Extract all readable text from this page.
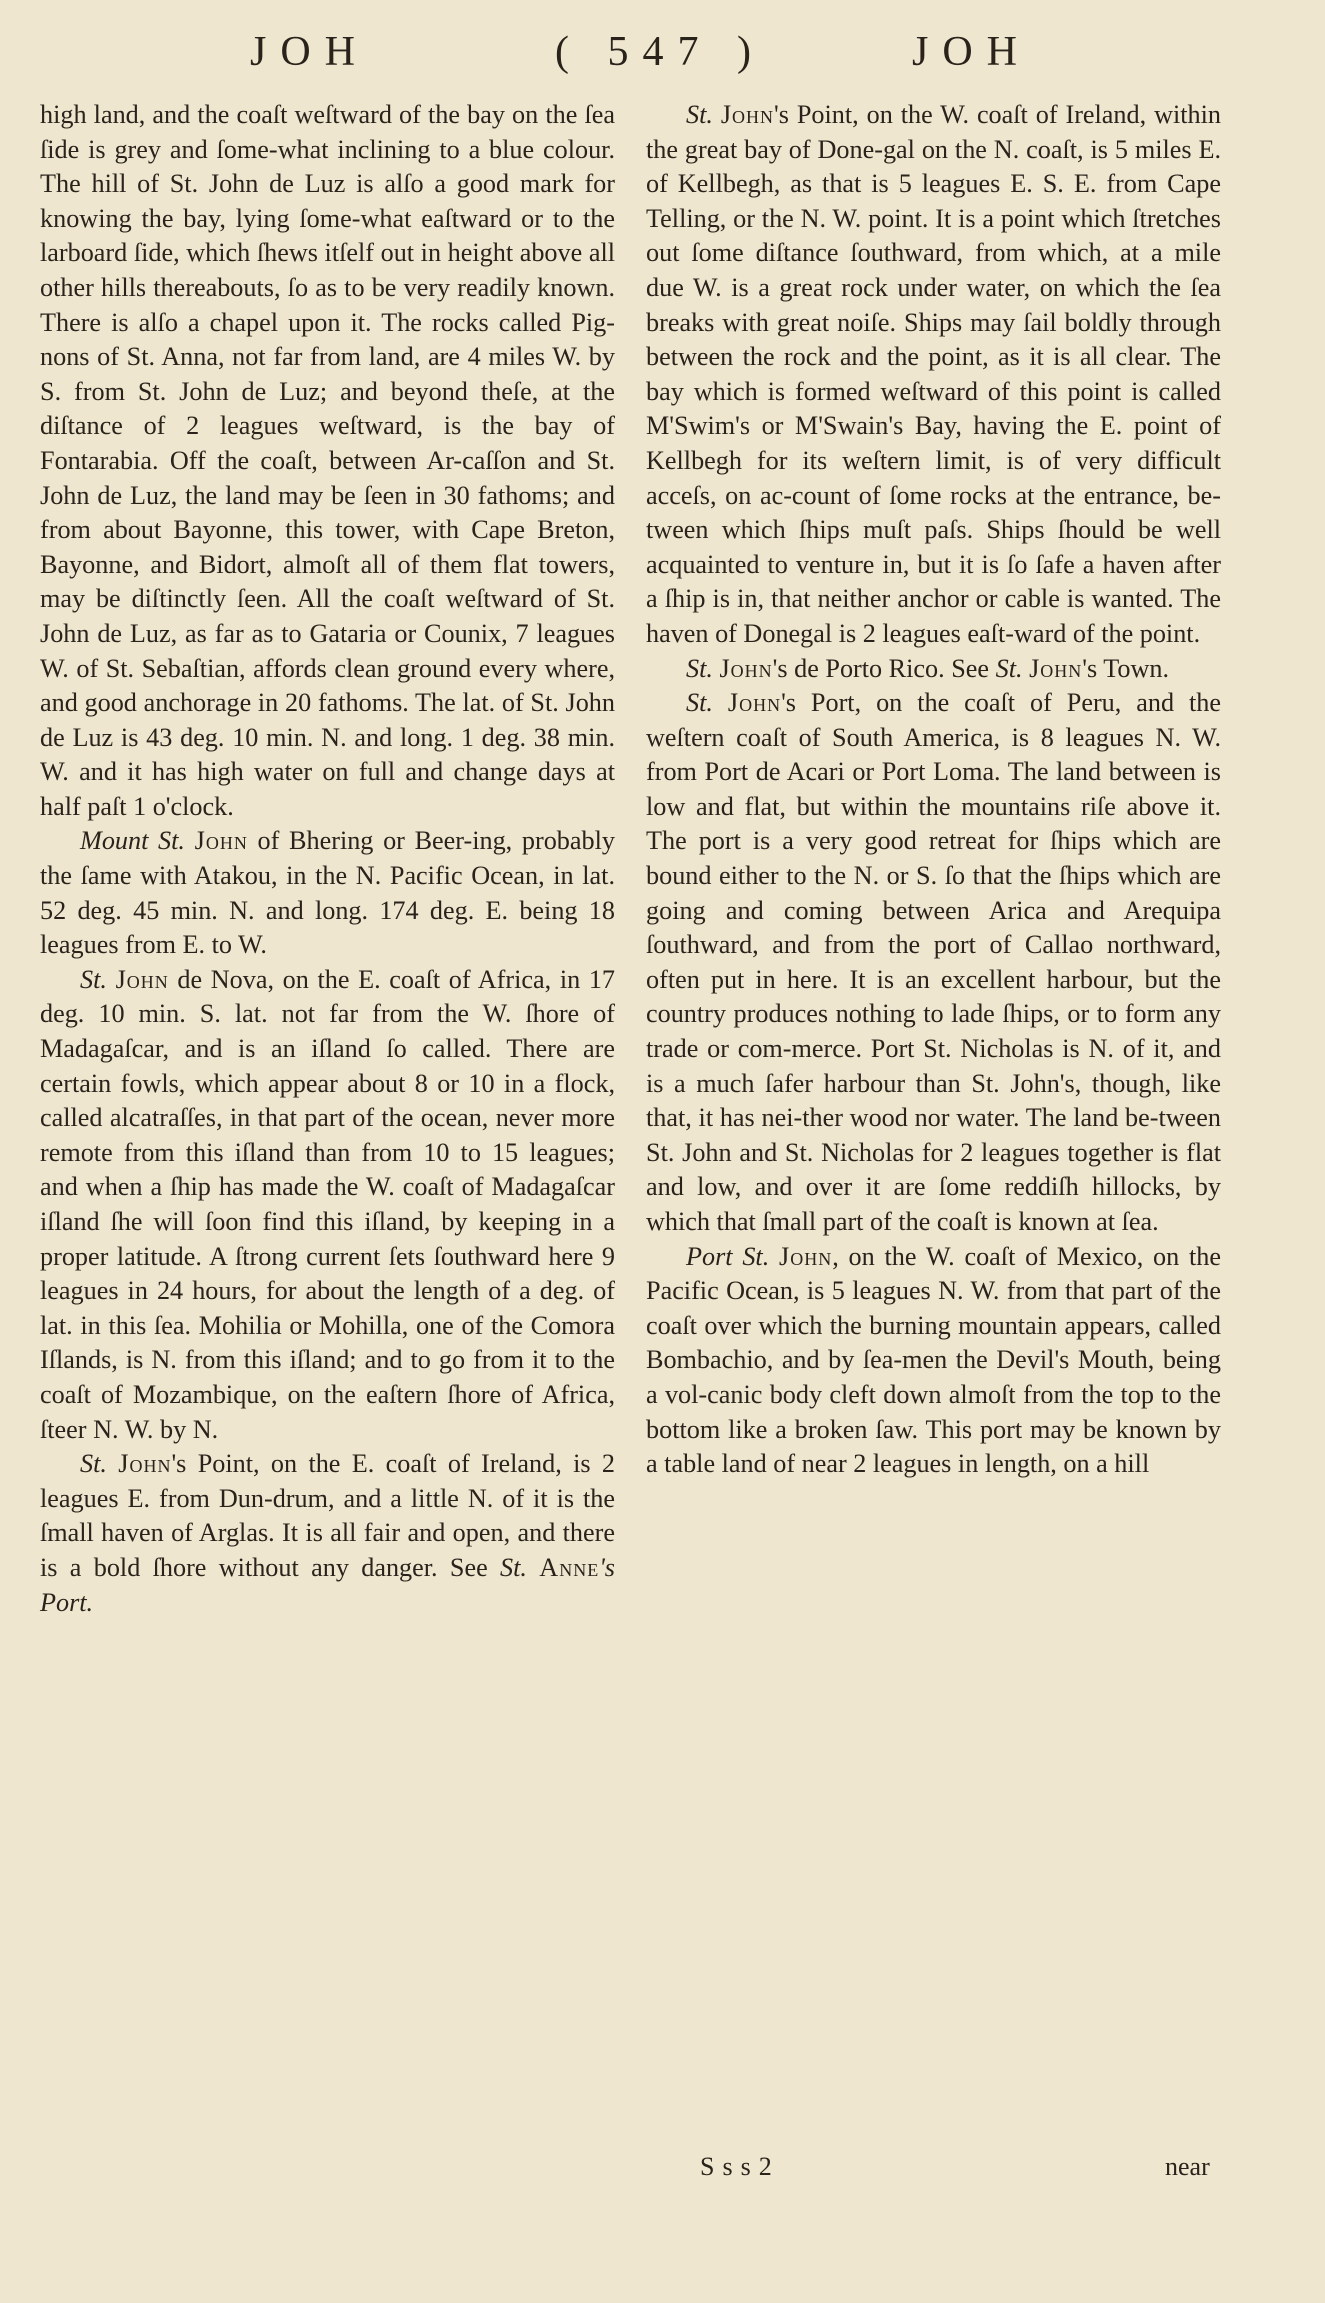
JOH	( 547 )	JOH

high land, and the coaſt weſtward of the bay on the ſea ſide is grey and ſome-what inclining to a blue colour. The hill of St. John de Luz is alſo a good mark for knowing the bay, lying ſome-what eaſtward or to the larboard ſide, which ſhews itſelf out in height above all other hills thereabouts, ſo as to be very readily known. There is alſo a chapel upon it. The rocks called Pig-nons of St. Anna, not far from land, are 4 miles W. by S. from St. John de Luz; and beyond theſe, at the diſtance of 2 leagues weſtward, is the bay of Fontarabia. Off the coaſt, between Ar-caſſon and St. John de Luz, the land may be ſeen in 30 fathoms; and from about Bayonne, this tower, with Cape Breton, Bayonne, and Bidort, almoſt all of them flat towers, may be diſtinctly ſeen. All the coaſt weſtward of St. John de Luz, as far as to Gataria or Counix, 7 leagues W. of St. Sebaſtian, affords clean ground every where, and good anchorage in 20 fathoms. The lat. of St. John de Luz is 43 deg. 10 min. N. and long. 1 deg. 38 min. W. and it has high water on full and change days at half paſt 1 o'clock.

Mount St. John of Bhering or Beer-ing, probably the ſame with Atakou, in the N. Pacific Ocean, in lat. 52 deg. 45 min. N. and long. 174 deg. E. being 18 leagues from E. to W.

St. John de Nova, on the E. coaſt of Africa, in 17 deg. 10 min. S. lat. not far from the W. ſhore of Madagaſcar, and is an iſland ſo called. There are certain fowls, which appear about 8 or 10 in a flock, called alcatraſſes, in that part of the ocean, never more remote from this iſland than from 10 to 15 leagues; and when a ſhip has made the W. coaſt of Madagaſcar iſland ſhe will ſoon find this iſland, by keeping in a proper latitude. A ſtrong current ſets ſouthward here 9 leagues in 24 hours, for about the length of a deg. of lat. in this ſea. Mohilia or Mohilla, one of the Comora Iſlands, is N. from this iſland; and to go from it to the coaſt of Mozambique, on the eaſtern ſhore of Africa, ſteer N. W. by N.

St. John's Point, on the E. coaſt of Ireland, is 2 leagues E. from Dun-drum, and a little N. of it is the ſmall haven of Arglas. It is all fair and open, and there is a bold ſhore without any danger. See St. Anne's Port.

St. John's Point, on the W. coaſt of Ireland, within the great bay of Done-gal on the N. coaſt, is 5 miles E. of Kellbegh, as that is 5 leagues E. S. E. from Cape Telling, or the N. W. point. It is a point which ſtretches out ſome diſtance ſouthward, from which, at a mile due W. is a great rock under water, on which the ſea breaks with great noiſe. Ships may ſail boldly through between the rock and the point, as it is all clear. The bay which is formed weſtward of this point is called M'Swim's or M'Swain's Bay, having the E. point of Kellbegh for its weſtern limit, is of very difficult acceſs, on ac-count of ſome rocks at the entrance, be-tween which ſhips muſt paſs. Ships ſhould be well acquainted to venture in, but it is ſo ſafe a haven after a ſhip is in, that neither anchor or cable is wanted. The haven of Donegal is 2 leagues eaſt-ward of the point.

St. John's de Porto Rico. See St. John's Town.

St. John's Port, on the coaſt of Peru, and the weſtern coaſt of South America, is 8 leagues N. W. from Port de Acari or Port Loma. The land between is low and flat, but within the mountains riſe above it. The port is a very good retreat for ſhips which are bound either to the N. or S. ſo that the ſhips which are going and coming between Arica and Arequipa ſouthward, and from the port of Callao northward, often put in here. It is an excellent harbour, but the country produces nothing to lade ſhips, or to form any trade or com-merce. Port St. Nicholas is N. of it, and is a much ſafer harbour than St. John's, though, like that, it has nei-ther wood nor water. The land be-tween St. John and St. Nicholas for 2 leagues together is flat and low, and over it are ſome reddiſh hillocks, by which that ſmall part of the coaſt is known at ſea.

Port St. John, on the W. coaſt of Mexico, on the Pacific Ocean, is 5 leagues N. W. from that part of the coaſt over which the burning mountain appears, called Bombachio, and by ſea-men the Devil's Mouth, being a vol-canic body cleft down almoſt from the top to the bottom like a broken ſaw. This port may be known by a table land of near 2 leagues in length, on a hill

Sss2	near
